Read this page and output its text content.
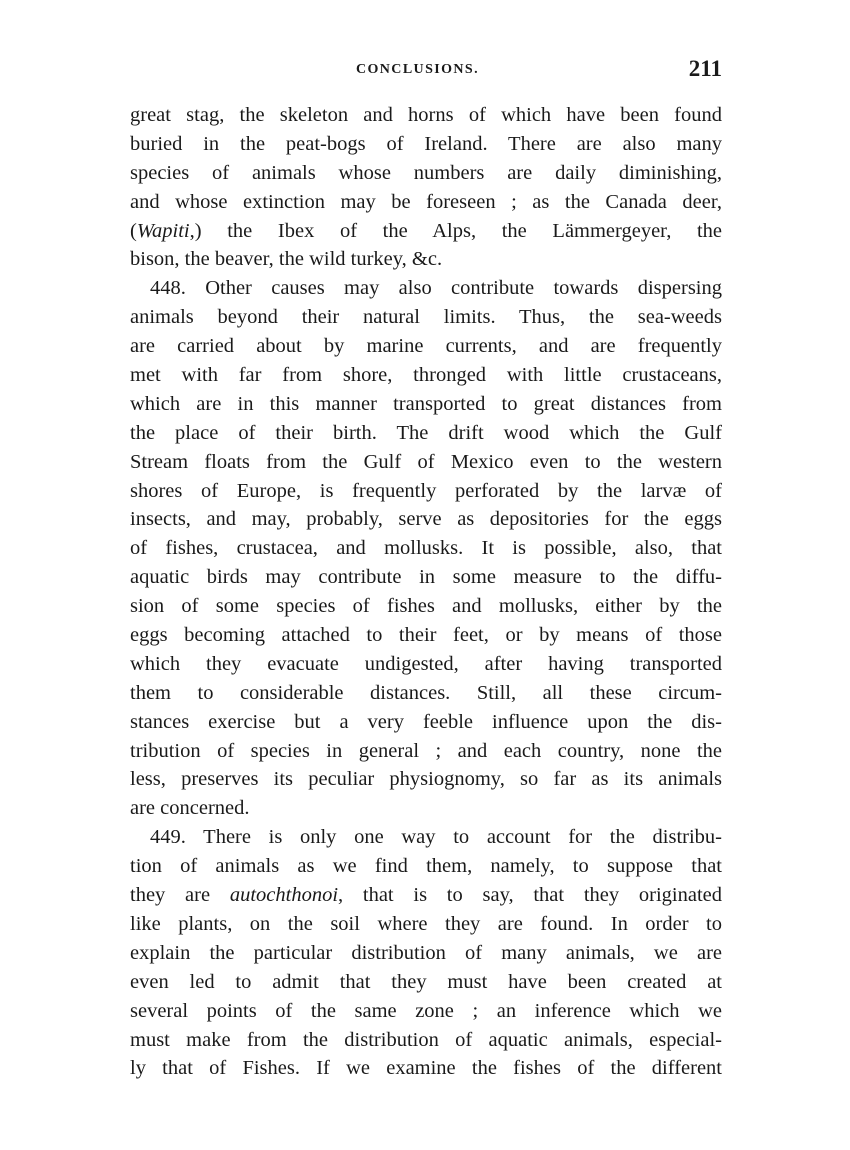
CONCLUSIONS.	211
great stag, the skeleton and horns of which have been found
buried in the peat-bogs of Ireland. There are also many
species of animals whose numbers are daily diminishing,
and whose extinction may be foreseen ; as the Canada deer,
(Wapiti,) the Ibex of the Alps, the Lämmergeyer, the
bison, the beaver, the wild turkey, &c.
448. Other causes may also contribute towards dispersing
animals beyond their natural limits. Thus, the sea-weeds
are carried about by marine currents, and are frequently
met with far from shore, thronged with little crustaceans,
which are in this manner transported to great distances from
the place of their birth. The drift wood which the Gulf
Stream floats from the Gulf of Mexico even to the western
shores of Europe, is frequently perforated by the larvæ of
insects, and may, probably, serve as depositories for the eggs
of fishes, crustacea, and mollusks. It is possible, also, that
aquatic birds may contribute in some measure to the diffu-
sion of some species of fishes and mollusks, either by the
eggs becoming attached to their feet, or by means of those
which they evacuate undigested, after having transported
them to considerable distances. Still, all these circum-
stances exercise but a very feeble influence upon the dis-
tribution of species in general ; and each country, none the
less, preserves its peculiar physiognomy, so far as its animals
are concerned.
449. There is only one way to account for the distribu-
tion of animals as we find them, namely, to suppose that
they are autochthonoi, that is to say, that they originated
like plants, on the soil where they are found. In order to
explain the particular distribution of many animals, we are
even led to admit that they must have been created at
several points of the same zone ; an inference which we
must make from the distribution of aquatic animals, especial-
ly that of Fishes. If we examine the fishes of the different
